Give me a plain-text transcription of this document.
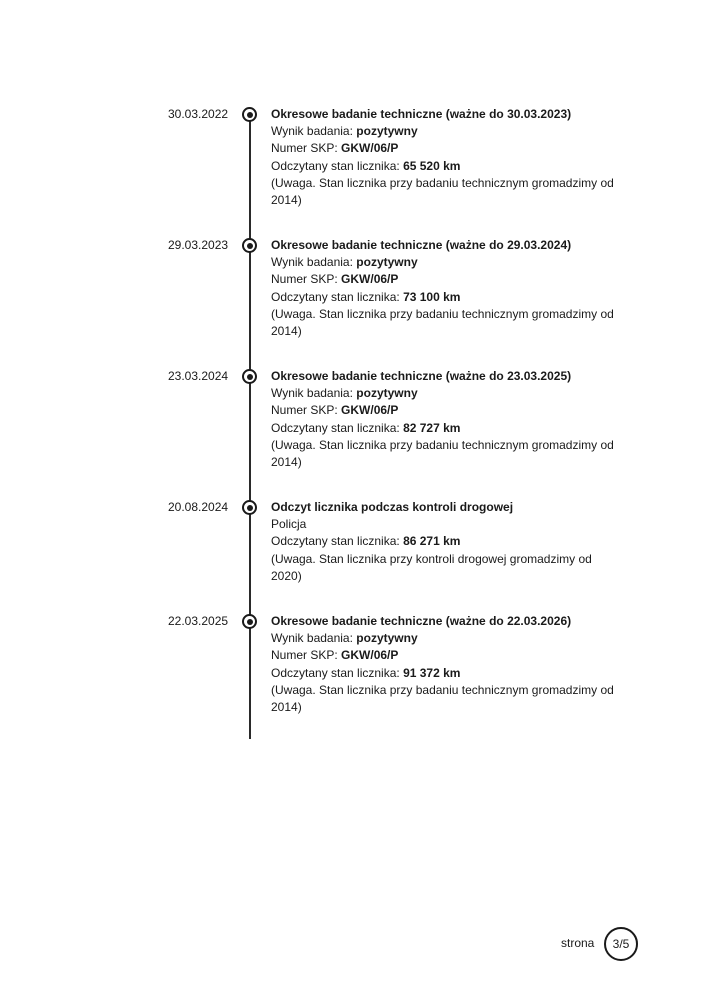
30.03.2022	Okresowe badanie techniczne (ważne do 30.03.2023)
Wynik badania: pozytywny
Numer SKP: GKW/06/P
Odczytany stan licznika: 65 520 km
(Uwaga. Stan licznika przy badaniu technicznym gromadzimy od 2014)
29.03.2023	Okresowe badanie techniczne (ważne do 29.03.2024)
Wynik badania: pozytywny
Numer SKP: GKW/06/P
Odczytany stan licznika: 73 100 km
(Uwaga. Stan licznika przy badaniu technicznym gromadzimy od 2014)
23.03.2024	Okresowe badanie techniczne (ważne do 23.03.2025)
Wynik badania: pozytywny
Numer SKP: GKW/06/P
Odczytany stan licznika: 82 727 km
(Uwaga. Stan licznika przy badaniu technicznym gromadzimy od 2014)
20.08.2024	Odczyt licznika podczas kontroli drogowej
Policja
Odczytany stan licznika: 86 271 km
(Uwaga. Stan licznika przy kontroli drogowej gromadzimy od 2020)
22.03.2025	Okresowe badanie techniczne (ważne do 22.03.2026)
Wynik badania: pozytywny
Numer SKP: GKW/06/P
Odczytany stan licznika: 91 372 km
(Uwaga. Stan licznika przy badaniu technicznym gromadzimy od 2014)
strona	3/5
